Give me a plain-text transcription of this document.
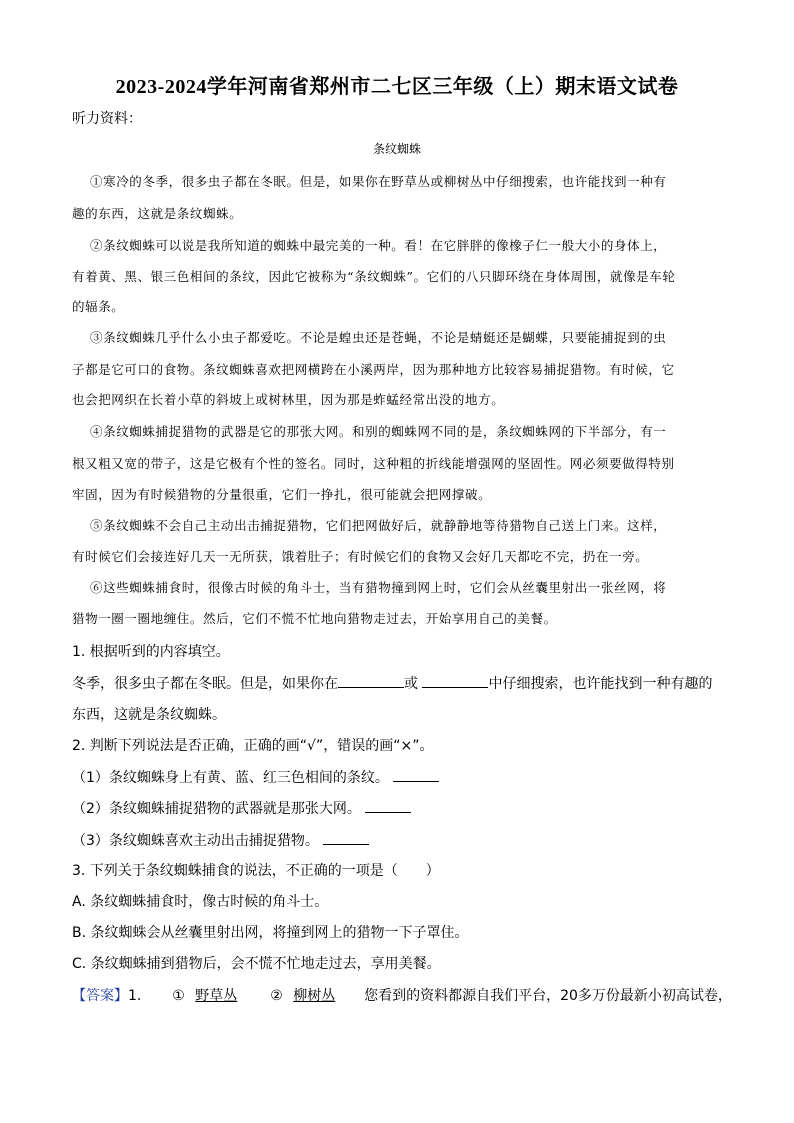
2023-2024学年河南省郑州市二七区三年级（上）期末语文试卷
听力资料：
条纹蜘蛛
①寒冷的冬季，很多虫子都在冬眠。但是，如果你在野草丛或柳树丛中仔细搜索，也许能找到一种有
趣的东西，这就是条纹蜘蛛。
②条纹蜘蛛可以说是我所知道的蜘蛛中最完美的一种。看！在它胖胖的像橡子仁一般大小的身体上，
有着黄、黑、银三色相间的条纹，因此它被称为“条纹蜘蛛”。它们的八只脚环绕在身体周围，就像是车轮
的辐条。
③条纹蜘蛛几乎什么小虫子都爱吃。不论是蝗虫还是苍蝇，不论是蜻蜓还是蝴蝶，只要能捕捉到的虫
子都是它可口的食物。条纹蜘蛛喜欢把网横跨在小溪两岸，因为那种地方比较容易捕捉猎物。有时候，它
也会把网织在长着小草的斜坡上或树林里，因为那是蚱蜢经常出没的地方。
④条纹蜘蛛捕捉猎物的武器是它的那张大网。和别的蜘蛛网不同的是，条纹蜘蛛网的下半部分，有一
根又粗又宽的带子，这是它极有个性的签名。同时，这种粗的折线能增强网的坚固性。网必须要做得特别
牢固，因为有时候猎物的分量很重，它们一挣扎，很可能就会把网撑破。
⑤条纹蜘蛛不会自己主动出击捕捉猎物，它们把网做好后，就静静地等待猎物自己送上门来。这样，
有时候它们会接连好几天一无所获，饿着肚子；有时候它们的食物又会好几天都吃不完，扔在一旁。
⑥这些蜘蛛捕食时，很像古时候的角斗士，当有猎物撞到网上时，它们会从丝囊里射出一张丝网，将
猎物一圈一圈地缠住。然后，它们不慌不忙地向猎物走过去，开始享用自己的美餐。
1. 根据听到的内容填空。
冬季，很多虫子都在冬眠。但是，如果你在	或	中仔细搜索，也许能找到一种有趣的
东西，这就是条纹蜘蛛。
2. 判断下列说法是否正确，正确的画“√”，错误的画“×”。
（1）条纹蜘蛛身上有黄、蓝、红三色相间的条纹。
（2）条纹蜘蛛捕捉猎物的武器就是那张大网。
（3）条纹蜘蛛喜欢主动出击捕捉猎物。
3. 下列关于条纹蜘蛛捕食的说法，不正确的一项是（　　）
A. 条纹蜘蛛捕食时，像古时候的角斗士。
B. 条纹蜘蛛会从丝囊里射出网，将撞到网上的猎物一下子罩住。
C. 条纹蜘蛛捕到猎物后，会不慌不忙地走过去，享用美餐。
【答案】1. ① 野草丛 ② 柳树丛 您看到的资料都源自我们平台，20多万份最新小初高试卷，
